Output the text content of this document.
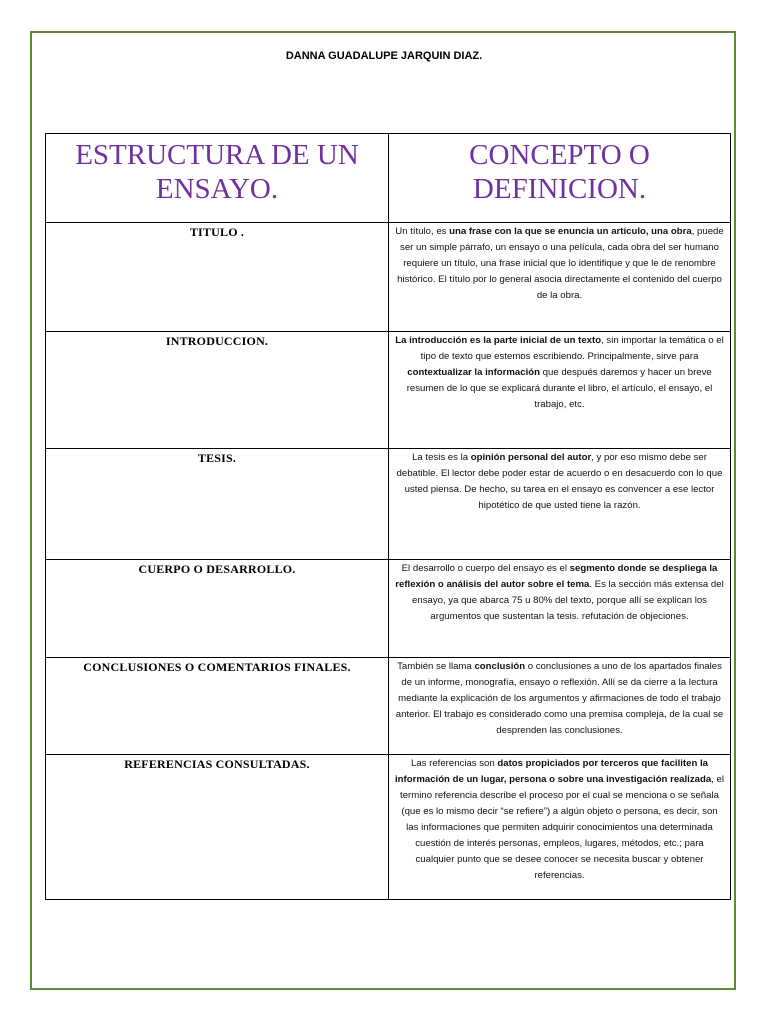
DANNA GUADALUPE JARQUIN DIAZ.
ESTRUCTURA DE UN ENSAYO.	CONCEPTO O DEFINICION.
TITULO .	Un título, es una frase con la que se enuncia un artículo, una obra, puede ser un simple párrafo, un ensayo o una película, cada obra del ser humano requiere un título, una frase inicial que lo identifique y que le de renombre histórico. El título por lo general asocia directamente el contenido del cuerpo de la obra.
INTRODUCCION.	La introducción es la parte inicial de un texto, sin importar la temática o el tipo de texto que estemos escribiendo. Principalmente, sirve para contextualizar la información que después daremos y hacer un breve resumen de lo que se explicará durante el libro, el artículo, el ensayo, el trabajo, etc.
TESIS.	La tesis es la opinión personal del autor, y por eso mismo debe ser debatible. El lector debe poder estar de acuerdo o en desacuerdo con lo que usted piensa. De hecho, su tarea en el ensayo es convencer a ese lector hipotético de que usted tiene la razón.
CUERPO O DESARROLLO.	El desarrollo o cuerpo del ensayo es el segmento donde se despliega la reflexión o análisis del autor sobre el tema. Es la sección más extensa del ensayo, ya que abarca 75 u 80% del texto, porque allí se explican los argumentos que sustentan la tesis. refutación de objeciones.
CONCLUSIONES O COMENTARIOS FINALES.	También se llama conclusión o conclusiones a uno de los apartados finales de un informe, monografía, ensayo o reflexión. Allí se da cierre a la lectura mediante la explicación de los argumentos y afirmaciones de todo el trabajo anterior. El trabajo es considerado como una premisa compleja, de la cual se desprenden las conclusiones.
REFERENCIAS CONSULTADAS.	Las referencias son datos propiciados por terceros que faciliten la información de un lugar, persona o sobre una investigación realizada, el termino referencia describe el proceso por el cual se menciona o se señala (que es lo mismo decir “se refiere”) a algún objeto o persona, es decir, son las informaciones que permiten adquirir conocimientos una determinada cuestión de interés personas, empleos, lugares, métodos, etc.; para cualquier punto que se desee conocer se necesita buscar y obtener referencias.
